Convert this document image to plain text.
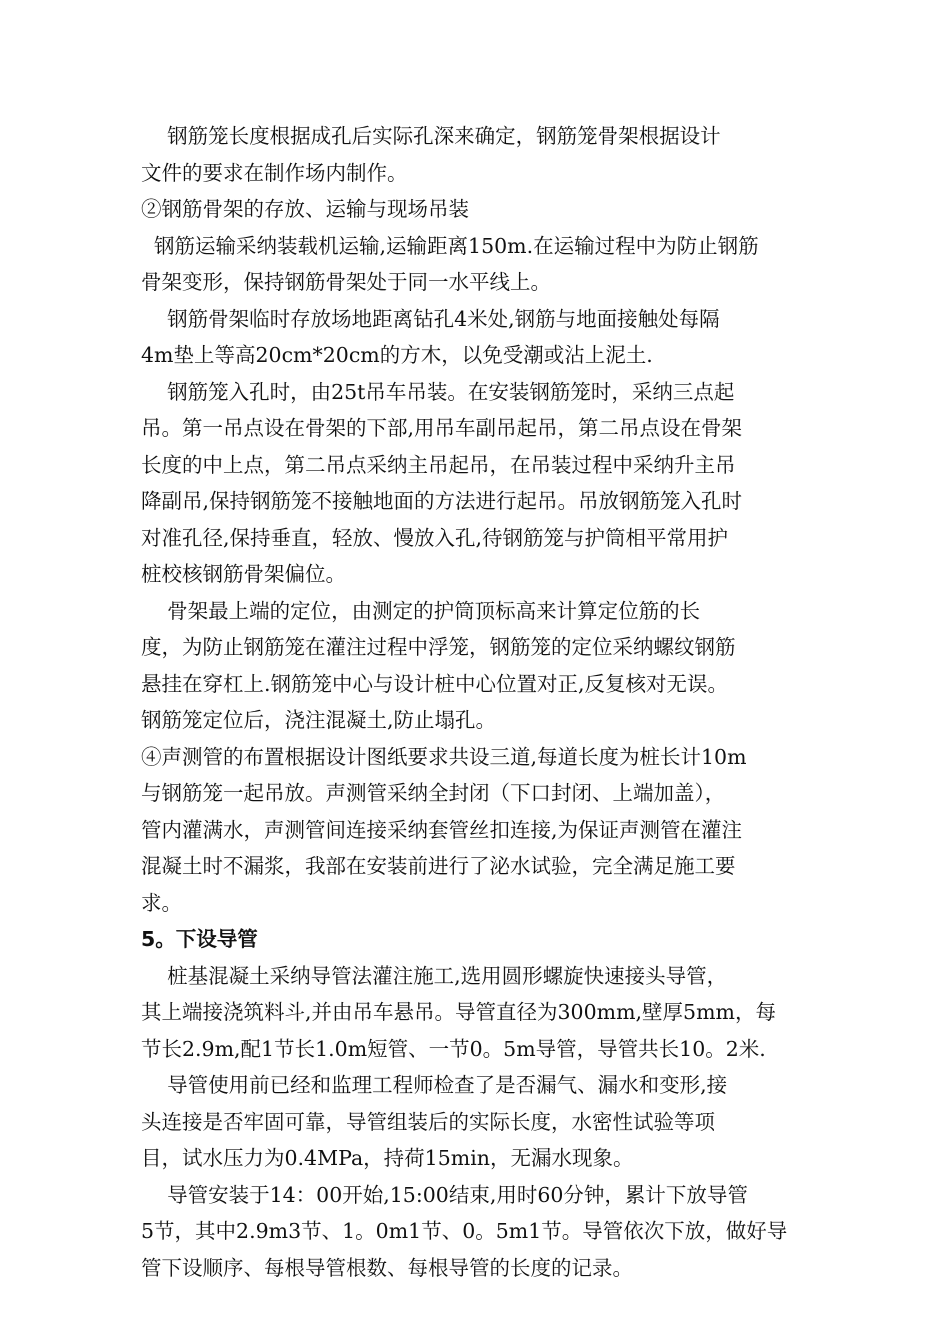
钢筋笼长度根据成孔后实际孔深来确定，钢筋笼骨架根据设计
文件的要求在制作场内制作。
②钢筋骨架的存放、运输与现场吊装
钢筋运输采纳装载机运输,运输距离150m.在运输过程中为防止钢筋
骨架变形，保持钢筋骨架处于同一水平线上。
钢筋骨架临时存放场地距离钻孔4米处,钢筋与地面接触处每隔
4m垫上等高20cm*20cm的方木，以免受潮或沾上泥土.
钢筋笼入孔时，由25t吊车吊装。在安装钢筋笼时，采纳三点起
吊。第一吊点设在骨架的下部,用吊车副吊起吊，第二吊点设在骨架
长度的中上点，第二吊点采纳主吊起吊，在吊装过程中采纳升主吊
降副吊,保持钢筋笼不接触地面的方法进行起吊。吊放钢筋笼入孔时
对准孔径,保持垂直，轻放、慢放入孔,待钢筋笼与护筒相平常用护
桩校核钢筋骨架偏位。
骨架最上端的定位，由测定的护筒顶标高来计算定位筋的长
度，为防止钢筋笼在灌注过程中浮笼，钢筋笼的定位采纳螺纹钢筋
悬挂在穿杠上.钢筋笼中心与设计桩中心位置对正,反复核对无误。
钢筋笼定位后，浇注混凝土,防止塌孔。
④声测管的布置根据设计图纸要求共设三道,每道长度为桩长计10m
与钢筋笼一起吊放。声测管采纳全封闭（下口封闭、上端加盖），
管内灌满水，声测管间连接采纳套管丝扣连接,为保证声测管在灌注
混凝土时不漏浆，我部在安装前进行了泌水试验，完全满足施工要
求。
5。下设导管
桩基混凝土采纳导管法灌注施工,选用圆形螺旋快速接头导管，
其上端接浇筑料斗,并由吊车悬吊。导管直径为300mm,壁厚5mm，每
节长2.9m,配1节长1.0m短管、一节0。5m导管，导管共长10。2米.
导管使用前已经和监理工程师检查了是否漏气、漏水和变形,接
头连接是否牢固可靠，导管组装后的实际长度，水密性试验等项
目，试水压力为0.4MPa，持荷15min，无漏水现象。
导管安装于14：00开始,15:00结束,用时60分钟，累计下放导管
5节，其中2.9m3节、1。0m1节、0。5m1节。导管依次下放，做好导
管下设顺序、每根导管根数、每根导管的长度的记录。
